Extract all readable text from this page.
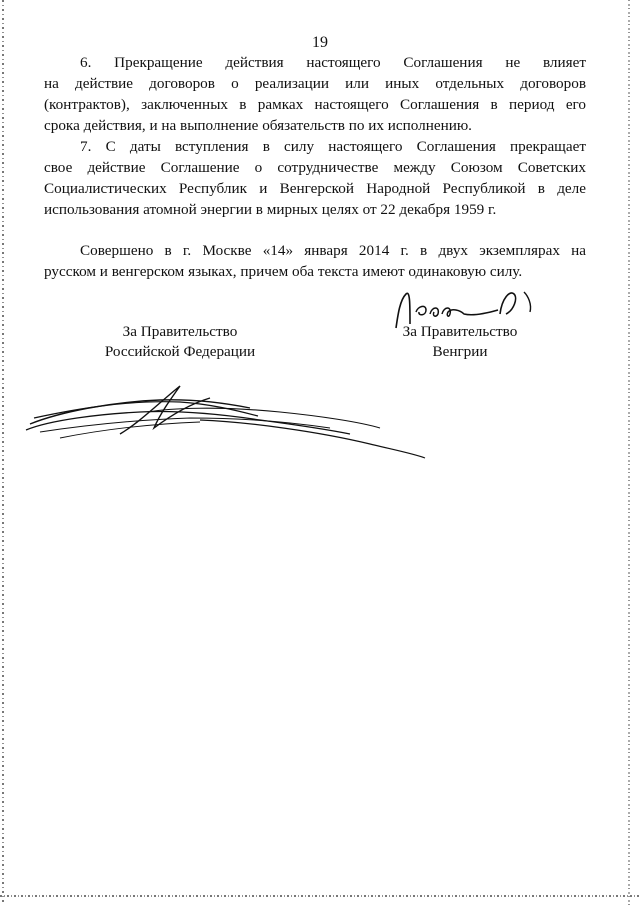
19
6. Прекращение действия настоящего Соглашения не влияет
на действие договоров о реализации или иных отдельных договоров
(контрактов), заключенных в рамках настоящего Соглашения в период его
срока действия, и на выполнение обязательств по их исполнению.
7. С даты вступления в силу настоящего Соглашения прекращает
свое действие Соглашение о сотрудничестве между Союзом Советских
Социалистических Республик и Венгерской Народной Республикой в деле
использования атомной энергии в мирных целях от 22 декабря 1959 г.
Совершено в г. Москве «14» января 2014 г. в двух экземплярах на
русском и венгерском языках, причем оба текста имеют одинаковую силу.
За Правительство
Российской Федерации
За Правительство
Венгрии
